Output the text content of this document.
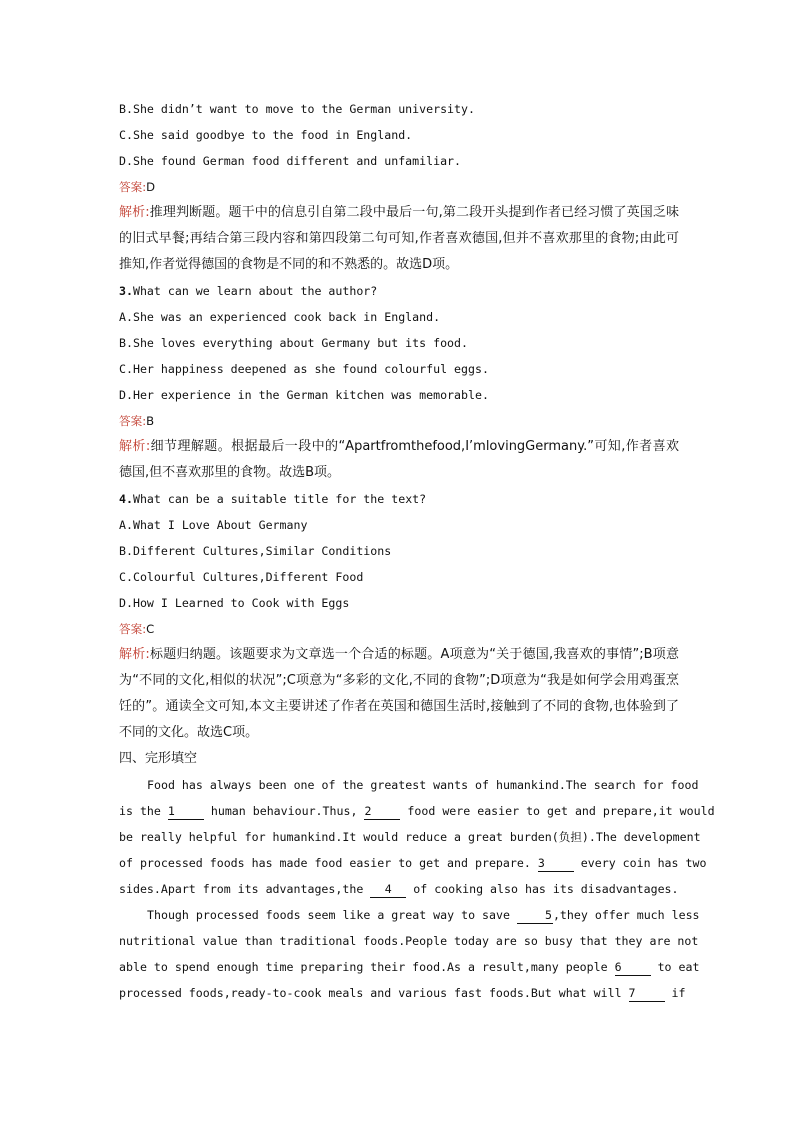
B.She didn’t want to move to the German university.
C.She said goodbye to the food in England.
D.She found German food different and unfamiliar.
答案:D
解析:推理判断题。题干中的信息引自第二段中最后一句,第二段开头提到作者已经习惯了英国乏味的旧式早餐;再结合第三段内容和第四段第二句可知,作者喜欢德国,但并不喜欢那里的食物;由此可推知,作者觉得德国的食物是不同的和不熟悉的。故选D项。
3.What can we learn about the author?
A.She was an experienced cook back in England.
B.She loves everything about Germany but its food.
C.Her happiness deepened as she found colourful eggs.
D.Her experience in the German kitchen was memorable.
答案:B
解析:细节理解题。根据最后一段中的“Apartfromthefood,I’mlovingGermany.”可知,作者喜欢德国,但不喜欢那里的食物。故选B项。
4.What can be a suitable title for the text?
A.What I Love About Germany
B.Different Cultures,Similar Conditions
C.Colourful Cultures,Different Food
D.How I Learned to Cook with Eggs
答案:C
解析:标题归纳题。该题要求为文章选一个合适的标题。A项意为“关于德国,我喜欢的事情”;B项意为“不同的文化,相似的状况”;C项意为“多彩的文化,不同的食物”;D项意为“我是如何学会用鸡蛋烹饪的”。通读全文可知,本文主要讲述了作者在英国和德国生活时,接触到了不同的食物,也体验到了不同的文化。故选C项。
四、完形填空
Food has always been one of the greatest wants of humankind.The search for food
is the 1	human behaviour.Thus, 2	food were easier to get and prepare,it would
be really helpful for humankind.It would reduce a great burden(负担).The development
of processed foods has made food easier to get and prepare. 3	every coin has two
sides.Apart from its advantages,the 4 of cooking also has its disadvantages.
Though processed foods seem like a great way to save	5,they offer much less
nutritional value than traditional foods.People today are so busy that they are not
able to spend enough time preparing their food.As a result,many people 6	to eat
processed foods,ready-to-cook meals and various fast foods.But what will 7	if
